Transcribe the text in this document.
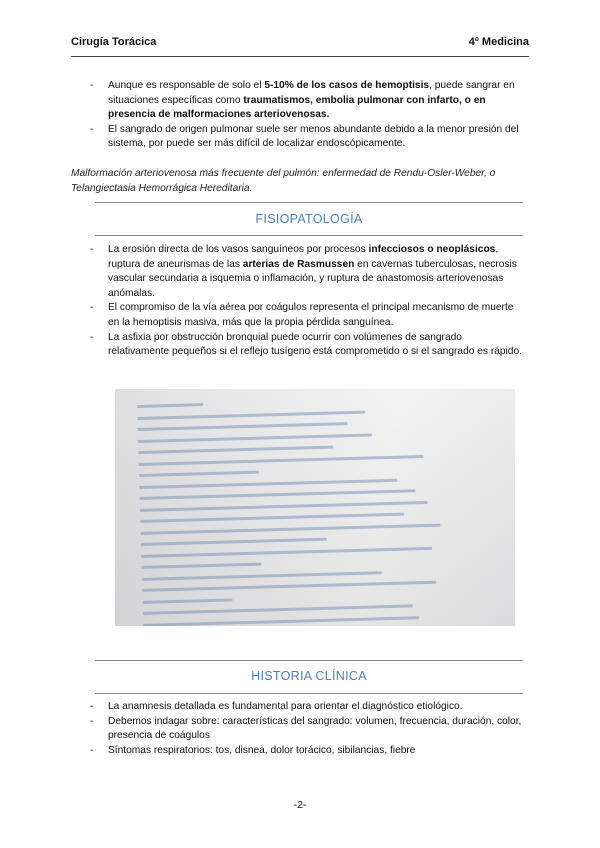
Cirugía Torácica	4º Medicina
- Aunque es responsable de solo el 5-10% de los casos de hemoptisis, puede sangrar en situaciones específicas como traumatismos, embolia pulmonar con infarto, o en presencia de malformaciones arteriovenosas.
- El sangrado de origen pulmonar suele ser menos abundante debido a la menor presión del sistema, por puede ser más difícil de localizar endoscópicamente.
Malformación arteriovenosa más frecuente del pulmón: enfermedad de Rendu-Osler-Weber, o Telangiectasia Hemorrágica Hereditaria.
FISIOPATOLOGÍA
- La erosión directa de los vasos sanguíneos por procesos infecciosos o neoplásicos, ruptura de aneurismas de las arterias de Rasmussen en cavernas tuberculosas, necrosis vascular secundaria a isquemia o inflamación, y ruptura de anastomosis arteriovenosas anómalas.
- El compromiso de la vía aérea por coágulos representa el principal mecanismo de muerte en la hemoptisis masiva, más que la propia pérdida sanguínea.
- La asfixia por obstrucción bronquial puede ocurrir con volúmenes de sangrado relativamente pequeños si el reflejo tusígeno está comprometido o si el sangrado es rápido.
HISTORIA CLÍNICA
- La anamnesis detallada es fundamental para orientar el diagnóstico etiológico.
- Debemos indagar sobre: características del sangrado: volumen, frecuencia, duración, color, presencia de coágulos
- Síntomas respiratorios: tos, disnea, dolor torácico, sibilancias, fiebre
-2-
